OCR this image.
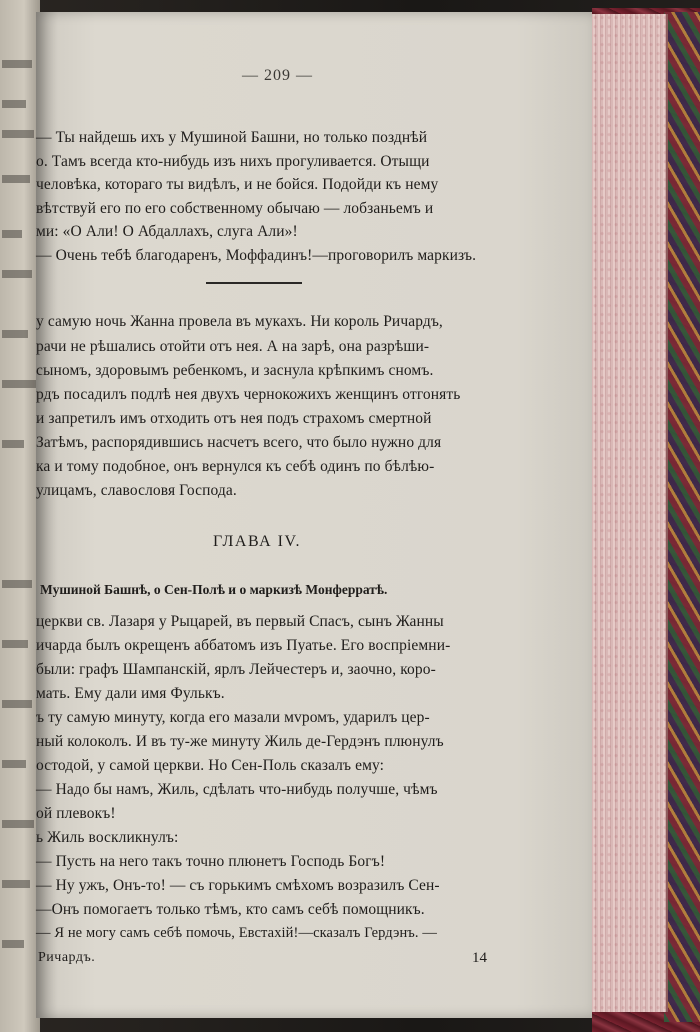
— 209 —
— Ты найдешь ихъ у Мушиной Башни, но только позднѣй
о. Тамъ всегда кто-нибудь изъ нихъ прогуливается. Отыщи
человѣка, котораго ты видѣлъ, и не бойся. Подойди къ нему
вѣтствуй его по его собственному обычаю — лобзаньемъ и
ми: «О Али! О Абдаллахъ, слуга Али»!
— Очень тебѣ благодаренъ, Моффадинъ!—проговорилъ маркизъ.
у самую ночь Жанна провела въ мукахъ. Ни король Ричардъ,
рачи не рѣшались отойти отъ нея. А на зарѣ, она разрѣши-
сыномъ, здоровымъ ребенкомъ, и заснула крѣпкимъ сномъ.
рдъ посадилъ подлѣ нея двухъ чернокожихъ женщинъ отгонять
и запретилъ имъ отходить отъ нея подъ страхомъ смертной
Затѣмъ, распорядившись насчетъ всего, что было нужно для
ка и тому подобное, онъ вернулся къ себѣ одинъ по бѣлѣю-
улицамъ, славословя Господа.
ГЛАВА IV.
Мушиной Башнѣ, о Сен-Полѣ и о маркизѣ Монферратѣ.
церкви св. Лазаря у Рыцарей, въ первый Спасъ, сынъ Жанны
ичарда былъ окрещенъ аббатомъ изъ Пуатье. Его воспріемни-
были: графъ Шампанскій, ярлъ Лейчестеръ и, заочно, коро-
мать. Ему дали имя Фулькъ.
ъ ту самую минуту, когда его мазали мvромъ, ударилъ цер-
ный колоколъ. И въ ту-же минуту Жиль де-Гердэнъ плюнулъ
остодой, у самой церкви. Но Сен-Поль сказалъ ему:
— Надо бы намъ, Жиль, сдѣлать что-нибудь получше, чѣмъ
ой плевокъ!
ь Жиль воскликнулъ:
— Пусть на него такъ точно плюнетъ Господь Богъ!
— Ну ужъ, Онъ-то! — съ горькимъ смѣхомъ возразилъ Сен-
—Онъ помогаетъ только тѣмъ, кто самъ себѣ помощникъ.
— Я не могу самъ себѣ помочь, Евстахій!—сказалъ Гердэнъ. —
Ричардъ.	14
